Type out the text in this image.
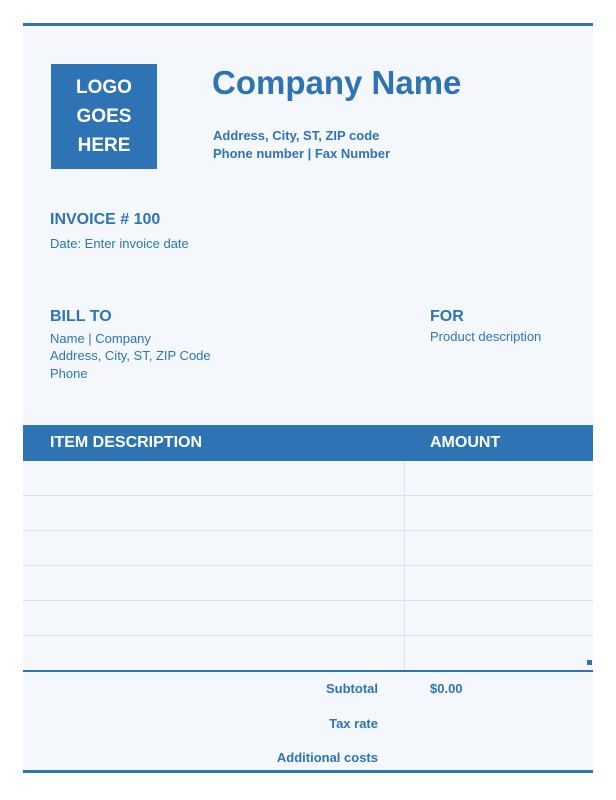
LOGO
GOES
HERE
Company Name
Address, City, ST, ZIP code
Phone number | Fax Number
INVOICE # 100
Date: Enter invoice date
BILL TO
Name | Company
Address, City, ST, ZIP Code
Phone
FOR
Product description
ITEM DESCRIPTION	AMOUNT
Subtotal	$0.00
Tax rate
Additional costs
